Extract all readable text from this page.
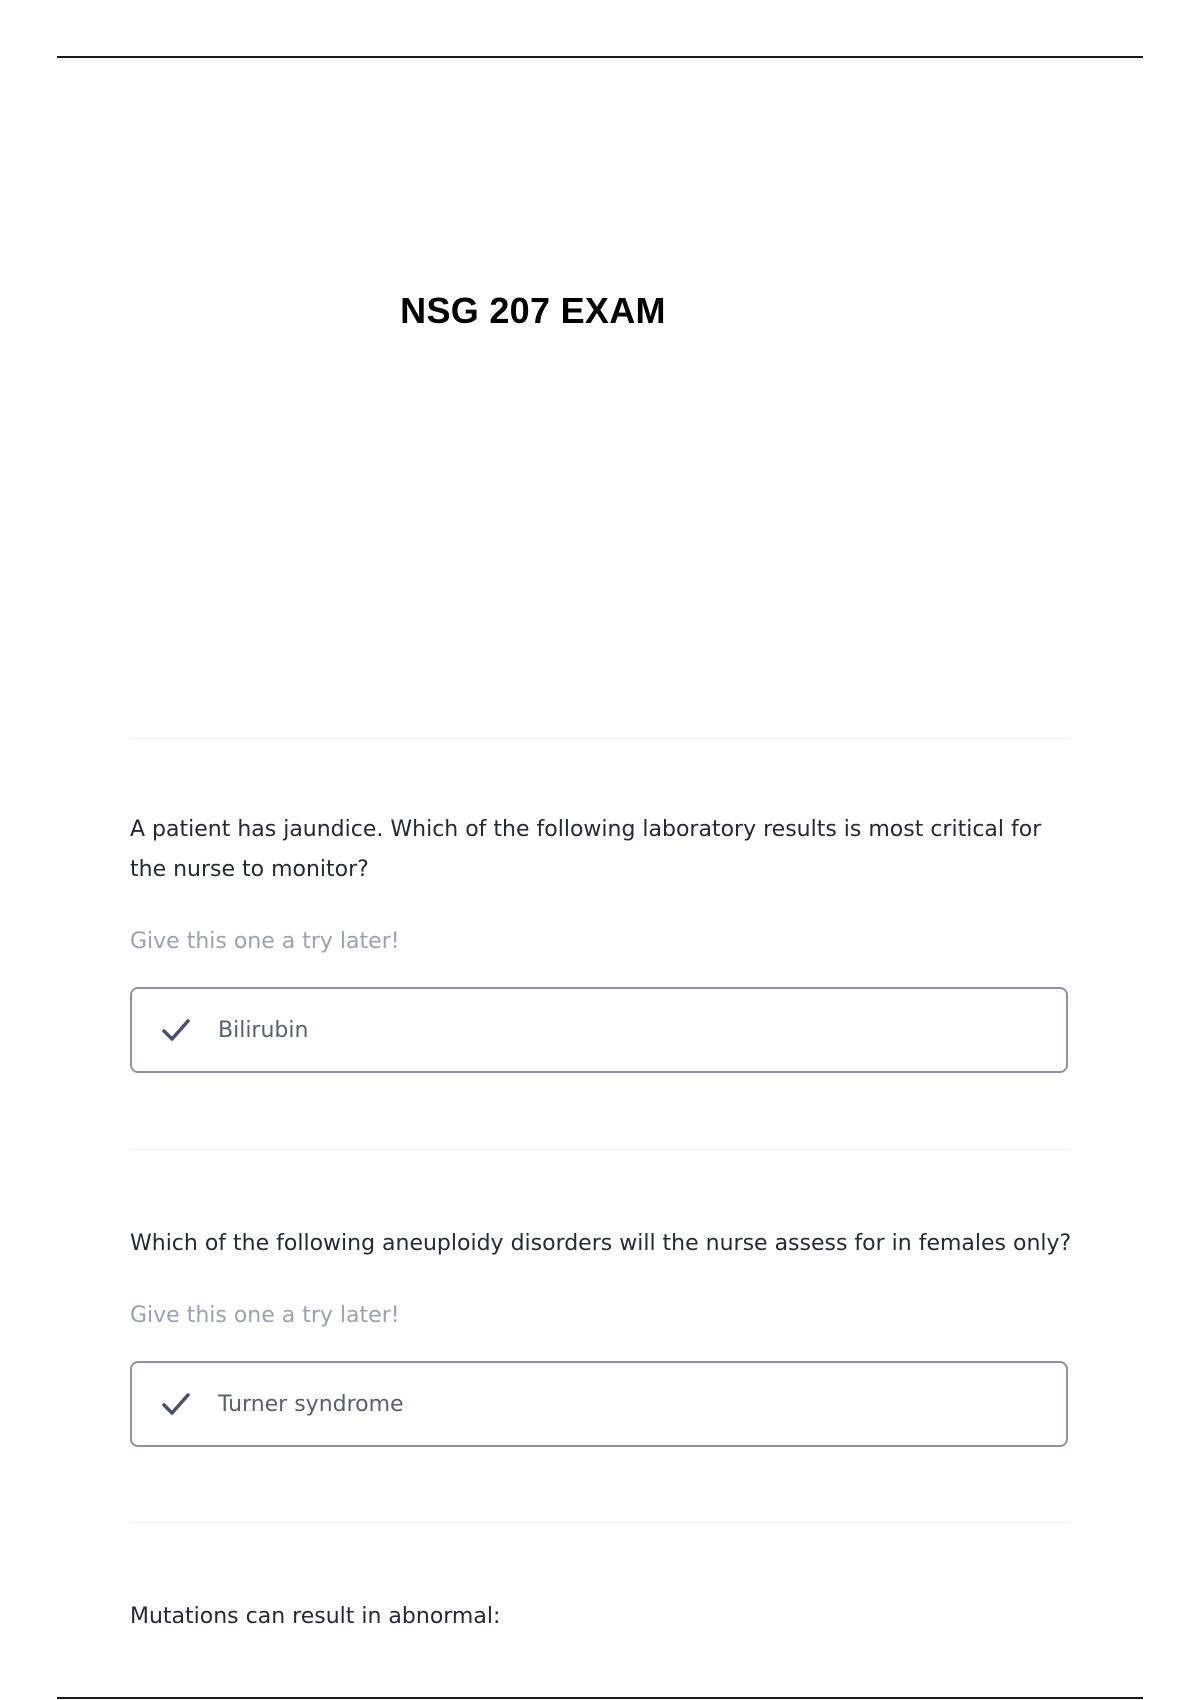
NSG 207 EXAM

A patient has jaundice. Which of the following laboratory results is most critical for the nurse to monitor?

Give this one a try later!

Bilirubin

Which of the following aneuploidy disorders will the nurse assess for in females only?

Give this one a try later!

Turner syndrome

Mutations can result in abnormal:
